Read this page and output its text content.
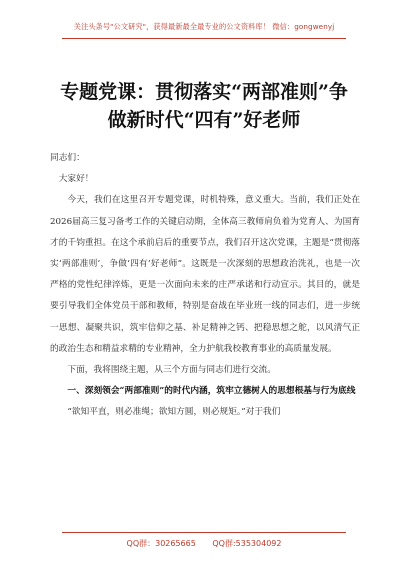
关注头条号"公文研究"，获得最新最全最专业的公文资料库！ 微信：gongwenyj
专题党课：贯彻落实“两部准则”争
做新时代“四有”好老师

同志们：

大家好！

今天，我们在这里召开专题党课，时机特殊，意义重大。当前，我们正处在2026届高三复习备考工作的关键启动期，全体高三教师肩负着为党育人、为国育才的千钧重担。在这个承前启后的重要节点，我们召开这次党课，主题是“贯彻落实‘两部准则’，争做‘四有’好老师”。这既是一次深刻的思想政治洗礼，也是一次严格的党性纪律淬炼，更是一次面向未来的庄严承诺和行动宣示。其目的，就是要引导我们全体党员干部和教师，特别是奋战在毕业班一线的同志们，进一步统一思想、凝聚共识，筑牢信仰之基、补足精神之钙、把稳思想之舵，以风清气正的政治生态和精益求精的专业精神，全力护航我校教育事业的高质量发展。

下面，我将围绕主题，从三个方面与同志们进行交流。

一、深刻领会“两部准则”的时代内涵，筑牢立德树人的思想根基与行为底线

“欲知平直，则必准绳；欲知方圆，则必规矩。”对于我们

QQ群：30265665 QQ群:535304092
